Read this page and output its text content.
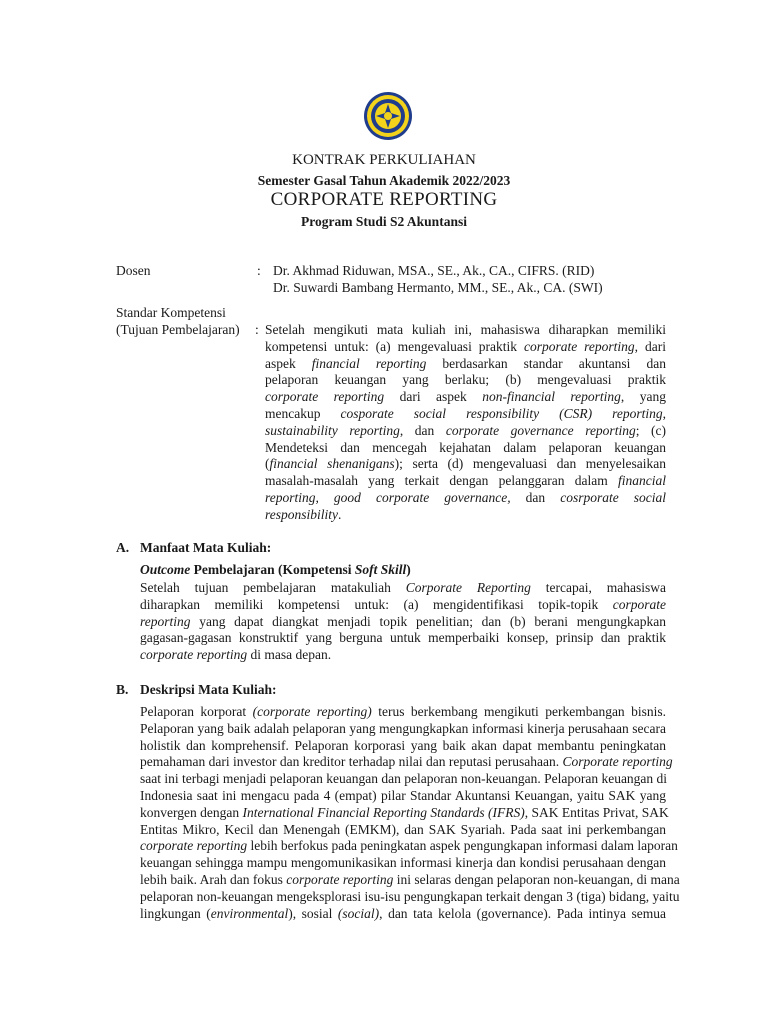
KONTRAK PERKULIAHAN
Semester Gasal Tahun Akademik 2022/2023
CORPORATE REPORTING
Program Studi S2 Akuntansi
Dosen	: Dr. Akhmad Riduwan, MSA., SE., Ak., CA., CIFRS. (RID)
Dr. Suwardi Bambang Hermanto, MM., SE., Ak., CA. (SWI)
Standar Kompetensi
(Tujuan Pembelajaran) : Setelah mengikuti mata kuliah ini, mahasiswa diharapkan memiliki
kompetensi untuk: (a) mengevaluasi praktik corporate reporting, dari
aspek financial reporting berdasarkan standar akuntansi dan
pelaporan keuangan yang berlaku; (b) mengevaluasi praktik
corporate reporting dari aspek non-financial reporting, yang
mencakup cosporate social responsibility (CSR) reporting,
sustainability reporting, dan corporate governance reporting; (c)
Mendeteksi dan mencegah kejahatan dalam pelaporan keuangan
(financial shenanigans); serta (d) mengevaluasi dan menyelesaikan
masalah-masalah yang terkait dengan pelanggaran dalam financial
reporting, good corporate governance, dan cosrporate social
responsibility.
A. Manfaat Mata Kuliah:
Outcome Pembelajaran (Kompetensi Soft Skill)
Setelah tujuan pembelajaran matakuliah Corporate Reporting tercapai, mahasiswa
diharapkan memiliki kompetensi untuk: (a) mengidentifikasi topik-topik corporate
reporting yang dapat diangkat menjadi topik penelitian; dan (b) berani mengungkapkan
gagasan-gagasan konstruktif yang berguna untuk memperbaiki konsep, prinsip dan praktik
corporate reporting di masa depan.
B. Deskripsi Mata Kuliah:
Pelaporan korporat (corporate reporting) terus berkembang mengikuti perkembangan bisnis.
Pelaporan yang baik adalah pelaporan yang mengungkapkan informasi kinerja perusahaan secara
holistik dan komprehensif. Pelaporan korporasi yang baik akan dapat membantu peningkatan
pemahaman dari investor dan kreditor terhadap nilai dan reputasi perusahaan. Corporate reporting
saat ini terbagi menjadi pelaporan keuangan dan pelaporan non-keuangan. Pelaporan keuangan di
Indonesia saat ini mengacu pada 4 (empat) pilar Standar Akuntansi Keuangan, yaitu SAK yang
konvergen dengan International Financial Reporting Standards (IFRS), SAK Entitas Privat, SAK
Entitas Mikro, Kecil dan Menengah (EMKM), dan SAK Syariah. Pada saat ini perkembangan
corporate reporting lebih berfokus pada peningkatan aspek pengungkapan informasi dalam laporan
keuangan sehingga mampu mengomunikasikan informasi kinerja dan kondisi perusahaan dengan
lebih baik. Arah dan fokus corporate reporting ini selaras dengan pelaporan non-keuangan, di mana
pelaporan non-keuangan mengeksplorasi isu-isu pengungkapan terkait dengan 3 (tiga) bidang, yaitu
lingkungan (environmental), sosial (social), dan tata kelola (governance). Pada intinya semua
